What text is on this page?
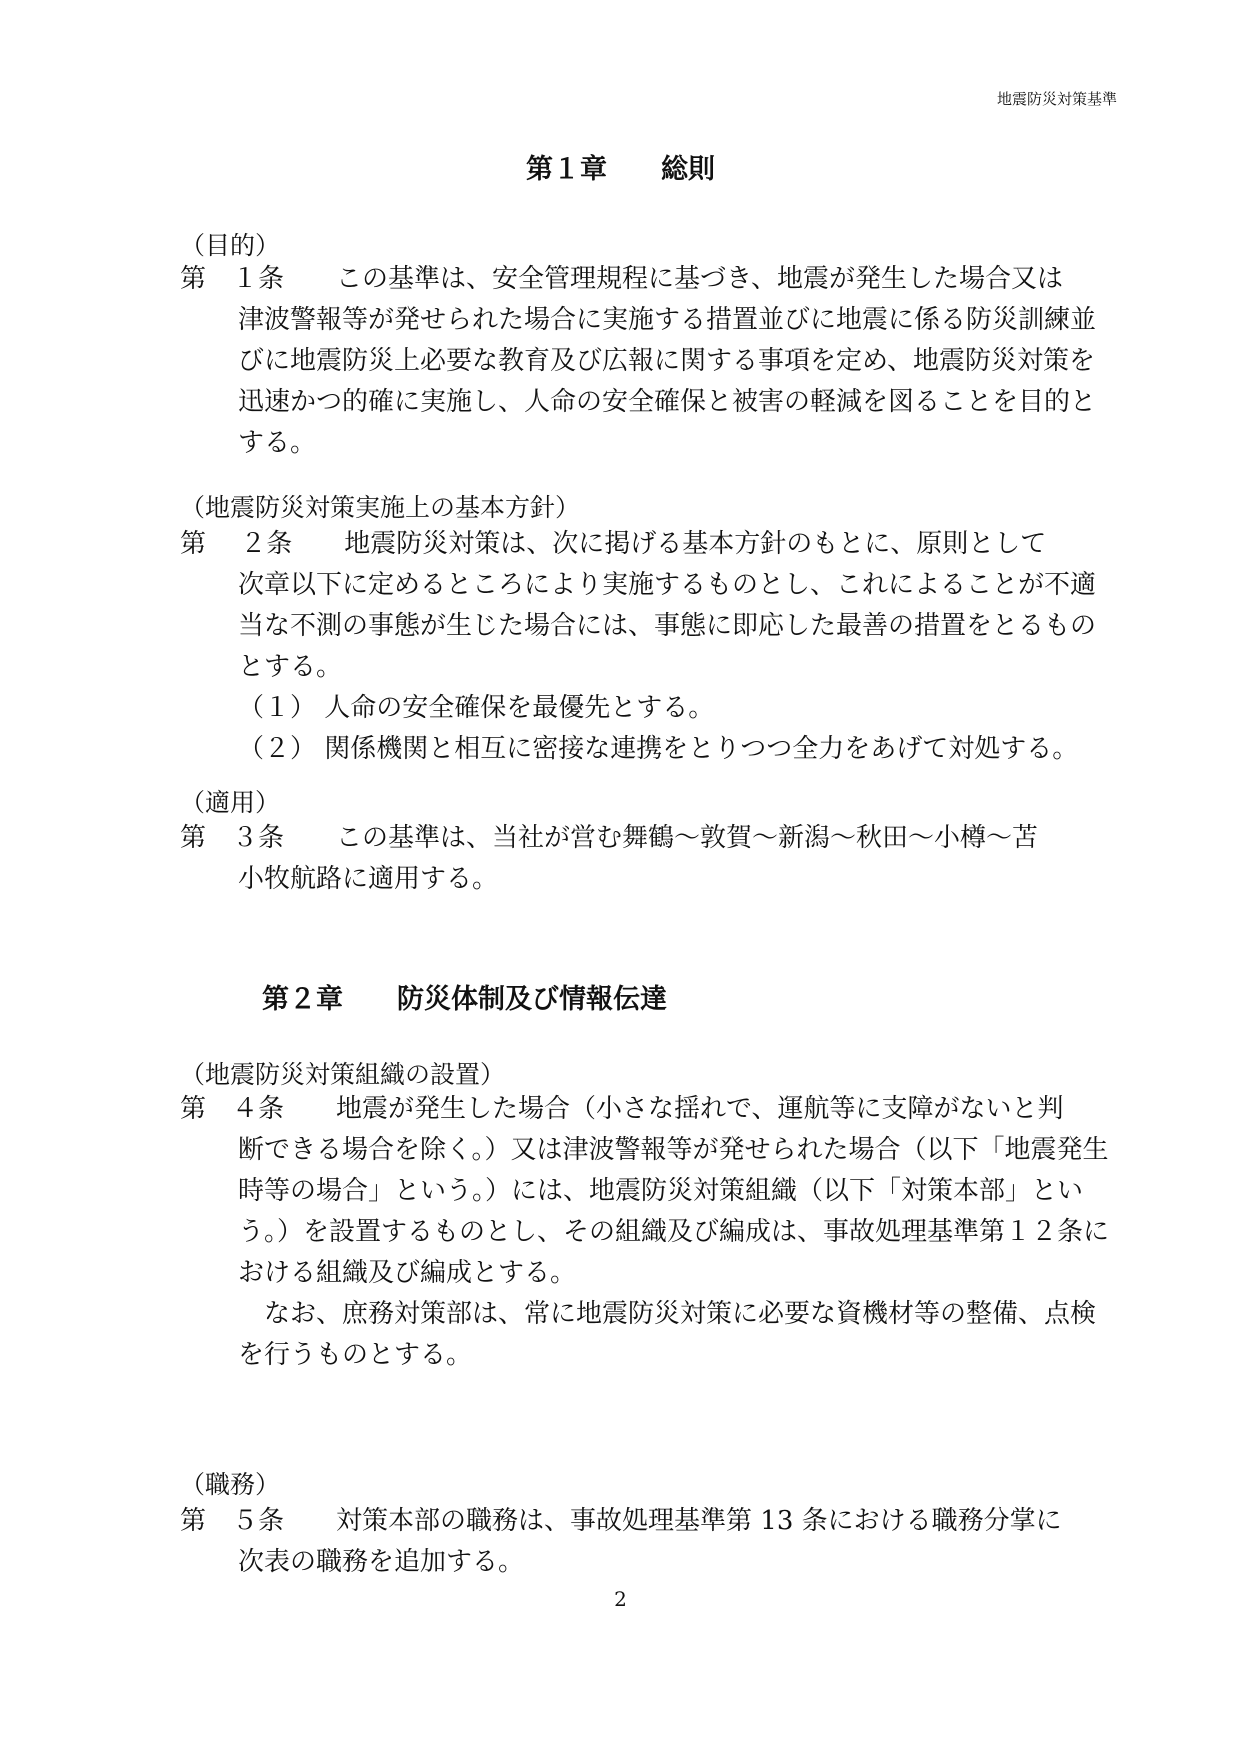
地震防災対策基準
第１章　　総則
（目的）
第　１条　　この基準は、安全管理規程に基づき、地震が発生した場合又は
津波警報等が発せられた場合に実施する措置並びに地震に係る防災訓練並びに地震防災上必要な教育及び広報に関する事項を定め、地震防災対策を迅速かつ的確に実施し、人命の安全確保と被害の軽減を図ることを目的とする。
（地震防災対策実施上の基本方針）
第　 ２条　　地震防災対策は、次に掲げる基本方針のもとに、原則として
次章以下に定めるところにより実施するものとし、これによることが不適当な不測の事態が生じた場合には、事態に即応した最善の措置をとるものとする。
（１） 人命の安全確保を最優先とする。
（２） 関係機関と相互に密接な連携をとりつつ全力をあげて対処する。
（適用）
第　３条　　この基準は、当社が営む舞鶴～敦賀～新潟～秋田～小樽～苫
小牧航路に適用する。
第２章　　防災体制及び情報伝達
（地震防災対策組織の設置）
第　４条　　地震が発生した場合（小さな揺れで、運航等に支障がないと判
断できる場合を除く。）又は津波警報等が発せられた場合（以下「地震発生時等の場合」という。）には、地震防災対策組織（以下「対策本部」という。）を設置するものとし、その組織及び編成は、事故処理基準第１２条における組織及び編成とする。
なお、庶務対策部は、常に地震防災対策に必要な資機材等の整備、点検を行うものとする。
（職務）
第　５条　　対策本部の職務は、事故処理基準第 13 条における職務分掌に
次表の職務を追加する。
2
